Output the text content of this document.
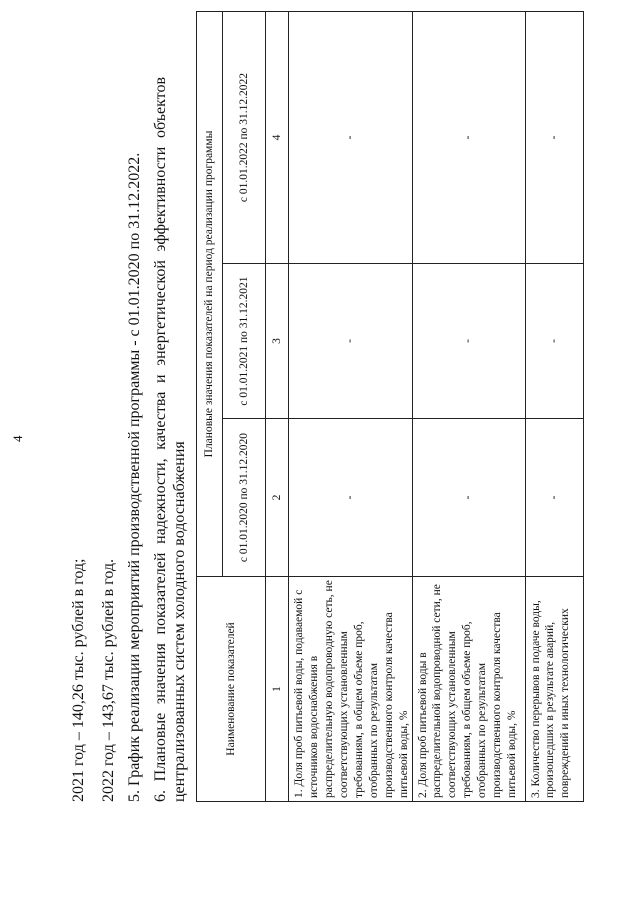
4
2021 год – 140,26 тыс. рублей в год; 2022 год – 143,67 тыс. рублей в год. 5. График реализации мероприятий производственной программы - с 01.01.2020 по 31.12.2022. 6. Плановые значения показателей надежности, качества и энергетической эффективности объектов централизованных систем холодного водоснабжения	Наименование показателей	Плановые значения показателей на период реализации программы		
	с 01.01.2020 по 31.12.2020	с 01.01.2021 по 31.12.2021	с 01.01.2022 по 31.12.2022
1	2	3	4
1. Доля проб питьевой воды, подаваемой с источников водоснабжения в распределительную водопроводную сеть, не соответствующих установленным требованиям, в общем объеме проб, отобранных по результатам производственного контроля качества питьевой воды, %	-	-	-
2. Доля проб питьевой воды в распределительной водопроводной сети, не соответствующих установленным требованиям, в общем объеме проб, отобранных по результатам производственного контроля качества питьевой воды, %	-	-	-
3. Количество перерывов в подаче воды, произошедших в результате аварий, повреждений и иных технологических	-	-	-
